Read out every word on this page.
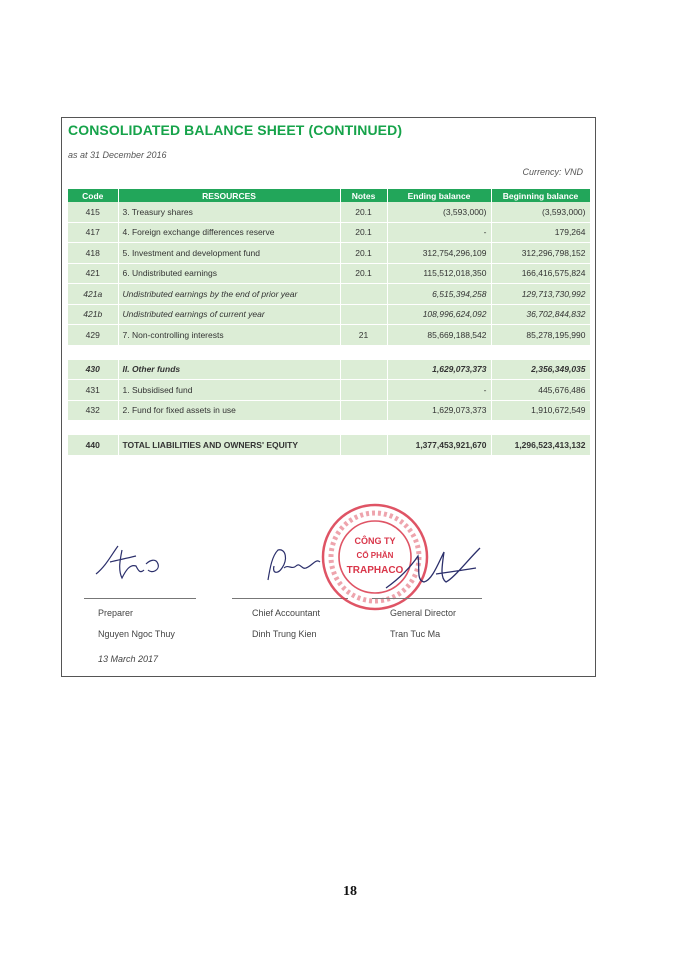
CONSOLIDATED BALANCE SHEET (CONTINUED)
as at 31 December 2016
Currency: VND
Code	RESOURCES	Notes	Ending balance	Beginning balance
415	3. Treasury shares	20.1	(3,593,000)	(3,593,000)
417	4. Foreign exchange differences reserve	20.1	-	179,264
418	5. Investment and development fund	20.1	312,754,296,109	312,296,798,152
421	6. Undistributed earnings	20.1	115,512,018,350	166,416,575,824
421a	Undistributed earnings by the end of prior year		6,515,394,258	129,713,730,992
421b	Undistributed earnings of current year		108,996,624,092	36,702,844,832
429	7. Non-controlling interests	21	85,669,188,542	85,278,195,990

430	II. Other funds		1,629,073,373	2,356,349,035
431	1. Subsidised fund		-	445,676,486
432	2. Fund for fixed assets in use		1,629,073,373	1,910,672,549

440	TOTAL LIABILITIES AND OWNERS' EQUITY		1,377,453,921,670	1,296,523,413,132
Preparer
Nguyen Ngoc Thuy
13 March 2017
Chief Accountant
Dinh Trung Kien
CÔNG TY
CỔ PHẦN
TRAPHACO
General Director
Tran Tuc Ma
18
